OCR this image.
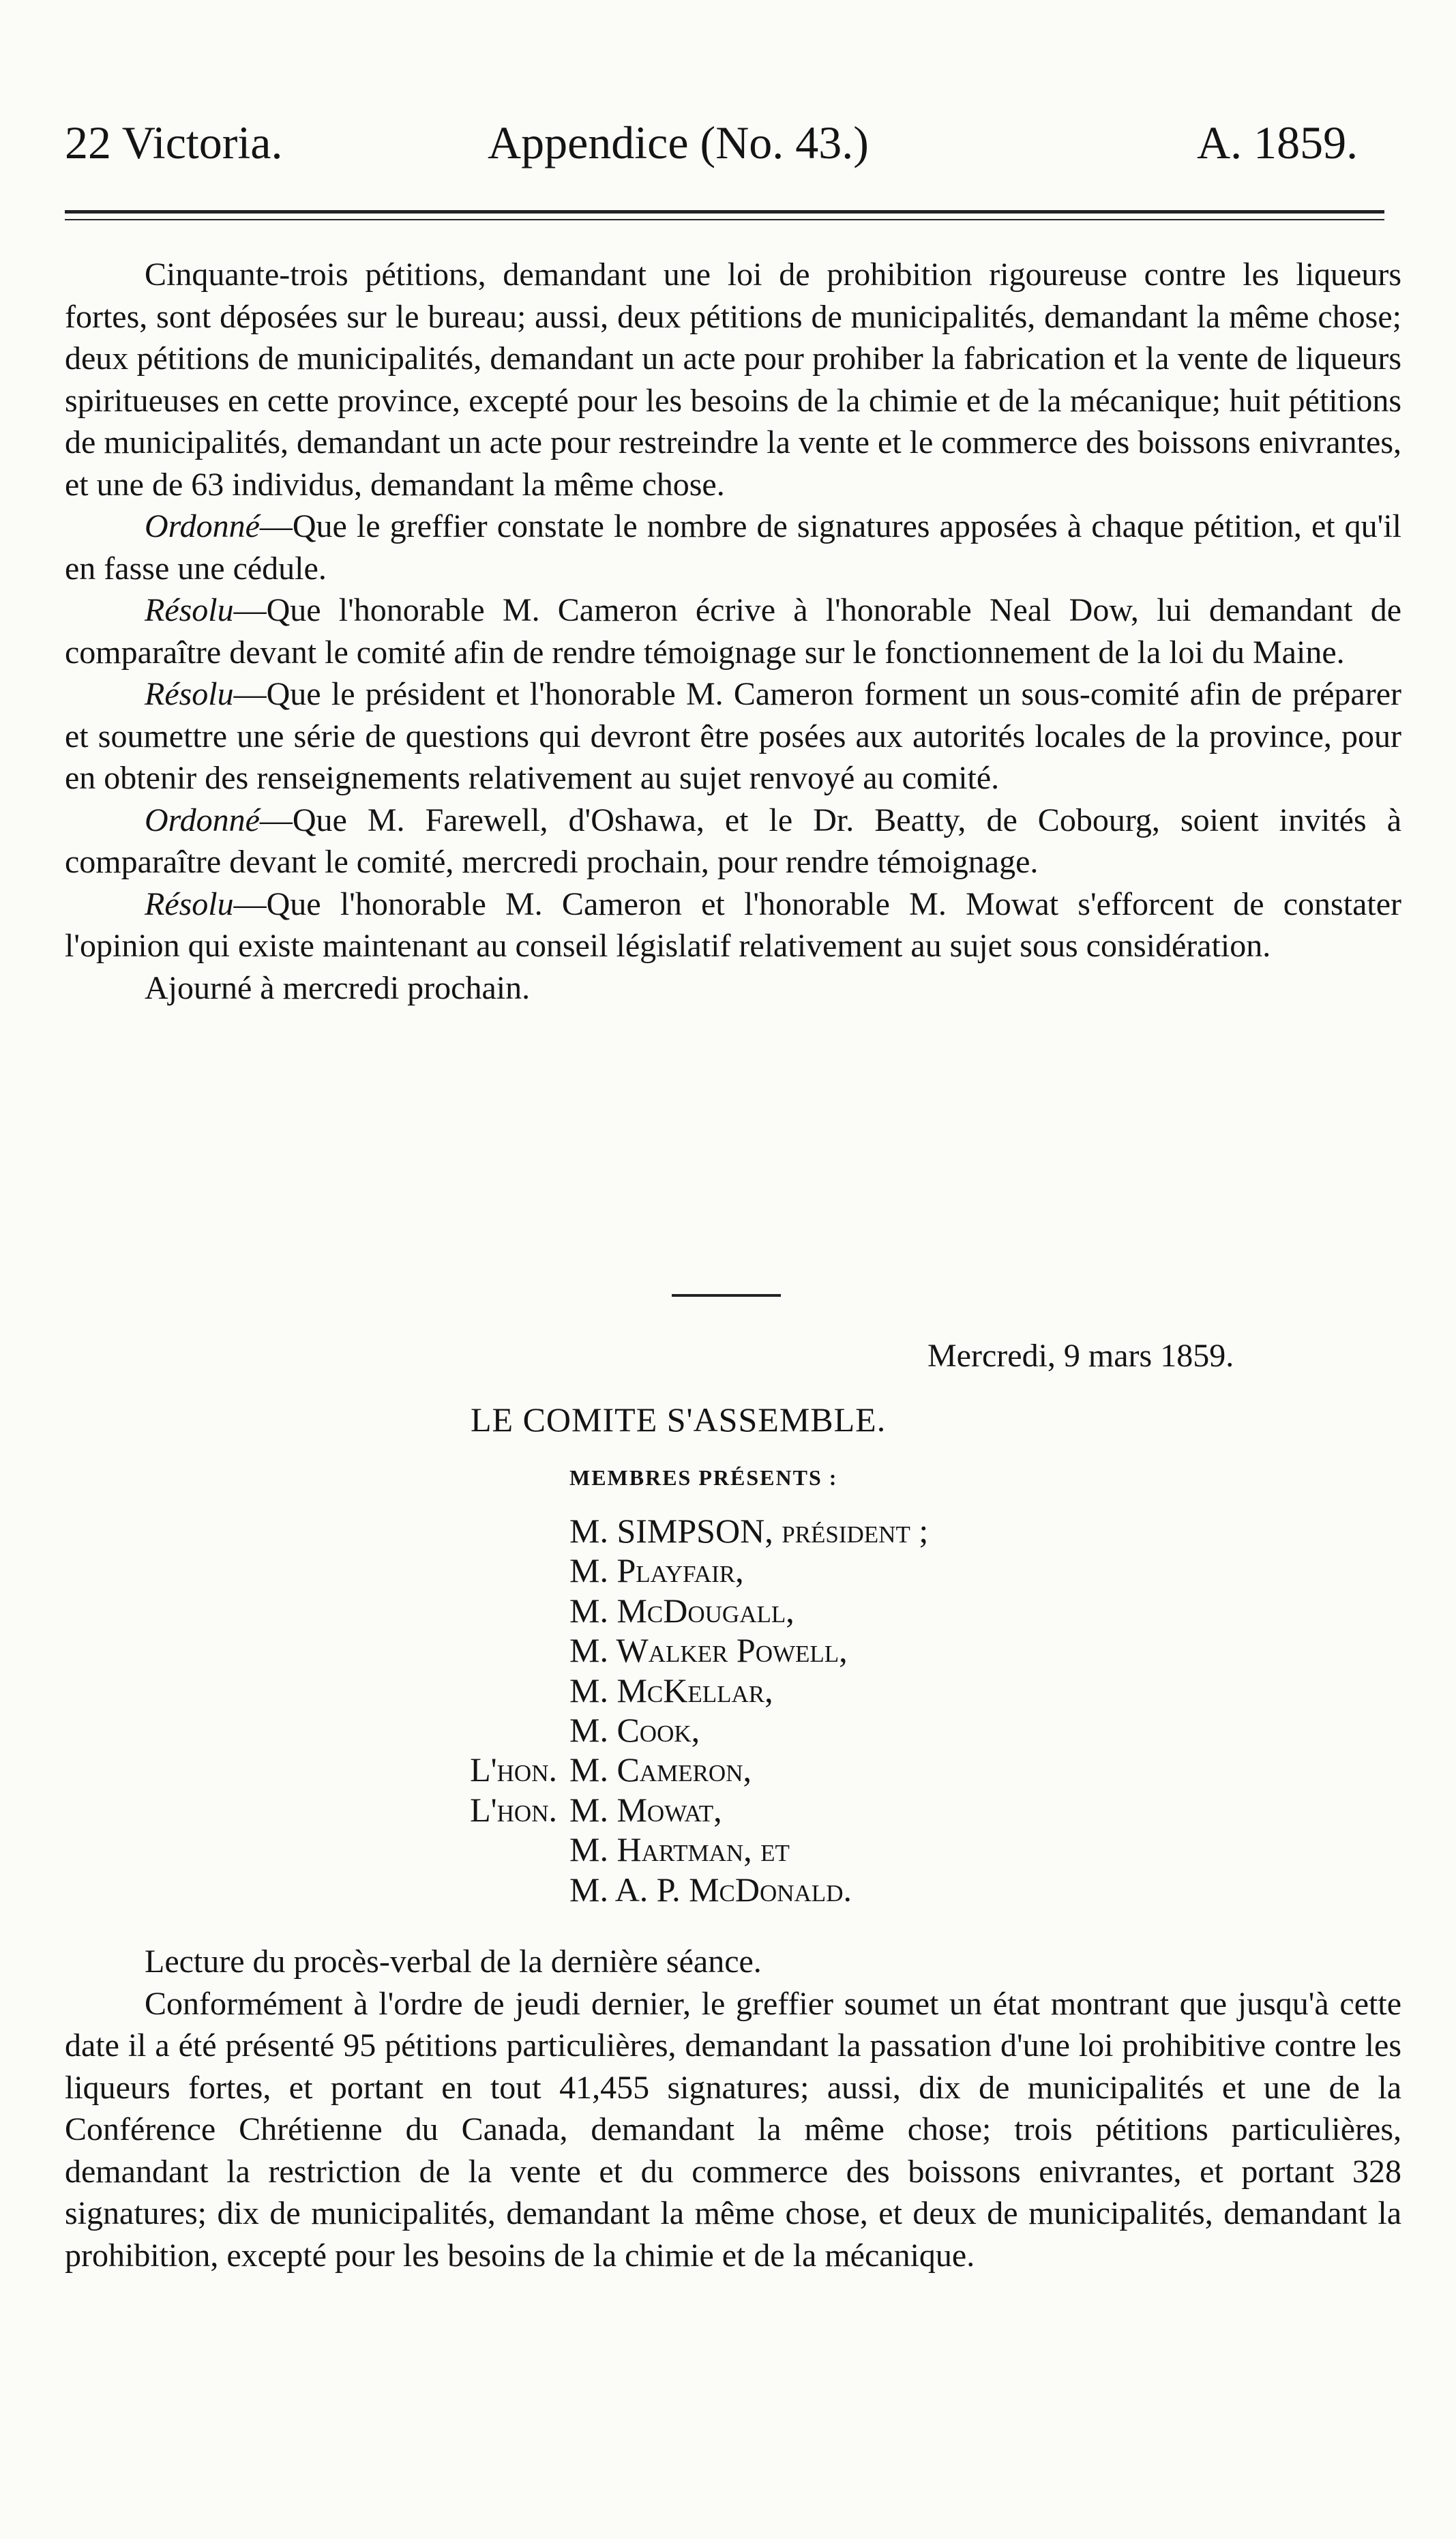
22 Victoria.	Appendice (No. 43.)	A. 1859.

Cinquante-trois pétitions, demandant une loi de prohibition rigoureuse contre les liqueurs fortes, sont déposées sur le bureau; aussi, deux pétitions de municipalités, demandant la même chose; deux pétitions de municipalités, demandant un acte pour prohiber la fabrication et la vente de liqueurs spiritueuses en cette province, excepté pour les besoins de la chimie et de la mécanique; huit pétitions de municipalités, demandant un acte pour restreindre la vente et le commerce des boissons enivrantes, et une de 63 individus, demandant la même chose.

Ordonné—Que le greffier constate le nombre de signatures apposées à chaque pétition, et qu'il en fasse une cédule.

Résolu—Que l'honorable M. Cameron écrive à l'honorable Neal Dow, lui demandant de comparaître devant le comité afin de rendre témoignage sur le fonctionnement de la loi du Maine.

Résolu—Que le président et l'honorable M. Cameron forment un sous-comité afin de préparer et soumettre une série de questions qui devront être posées aux autorités locales de la province, pour en obtenir des renseignements relativement au sujet renvoyé au comité.

Ordonné—Que M. Farewell, d'Oshawa, et le Dr. Beatty, de Cobourg, soient invités à comparaître devant le comité, mercredi prochain, pour rendre témoignage.

Résolu—Que l'honorable M. Cameron et l'honorable M. Mowat s'efforcent de constater l'opinion qui existe maintenant au conseil législatif relativement au sujet sous considération.

Ajourné à mercredi prochain.

Mercredi, 9 mars 1859.
LE COMITE S'ASSEMBLE.
MEMBRES PRÉSENTS :
M. SIMPSON, président ;
M. Playfair,
M. McDougall,
M. Walker Powell,
M. McKellar,
M. Cook,
L'hon. M. Cameron,
L'hon. M. Mowat,
M. Hartman, et
M. A. P. McDonald.

Lecture du procès-verbal de la dernière séance.

Conformément à l'ordre de jeudi dernier, le greffier soumet un état montrant que jusqu'à cette date il a été présenté 95 pétitions particulières, demandant la passation d'une loi prohibitive contre les liqueurs fortes, et portant en tout 41,455 signatures; aussi, dix de municipalités et une de la Conférence Chrétienne du Canada, demandant la même chose; trois pétitions particulières, demandant la restriction de la vente et du commerce des boissons enivrantes, et portant 328 signatures; dix de municipalités, demandant la même chose, et deux de municipalités, demandant la prohibition, excepté pour les besoins de la chimie et de la mécanique.
